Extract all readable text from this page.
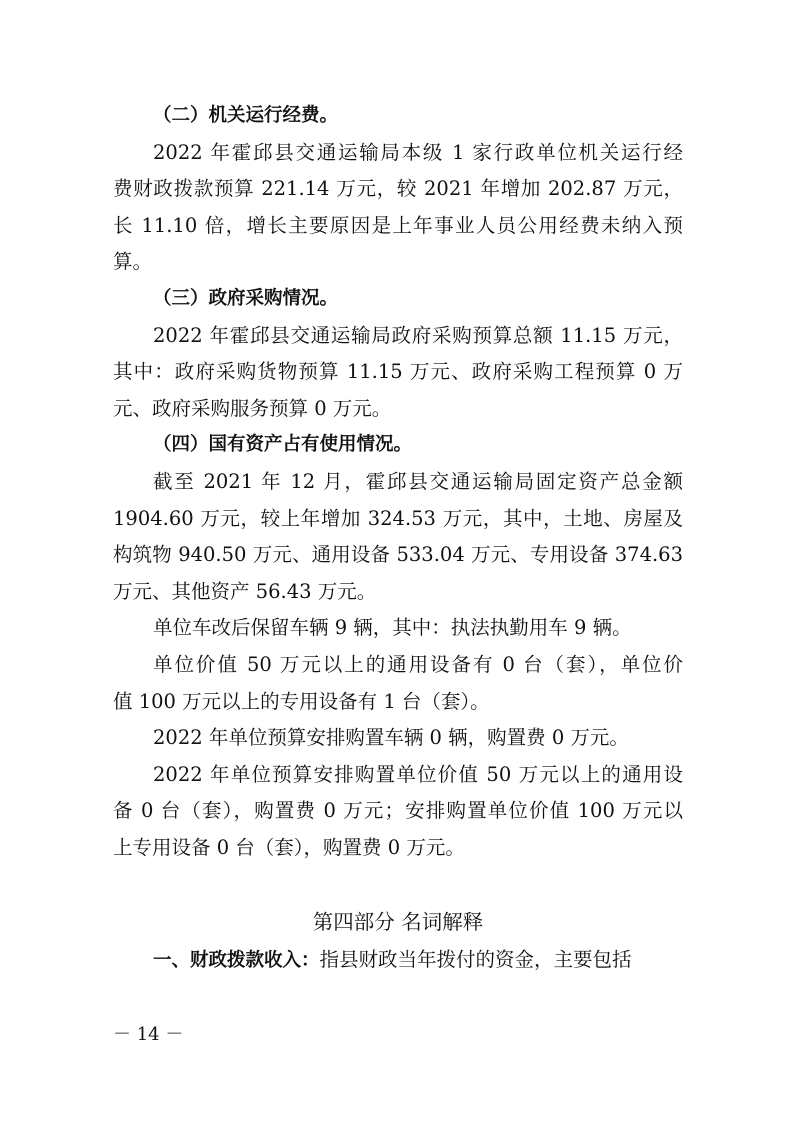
（二）机关运行经费。
2022 年霍邱县交通运输局本级 1 家行政单位机关运行经
费财政拨款预算 221.14 万元，较 2021 年增加 202.87 万元，
长 11.10 倍，增长主要原因是上年事业人员公用经费未纳入预
算。
（三）政府采购情况。
2022 年霍邱县交通运输局政府采购预算总额 11.15 万元，
其中：政府采购货物预算 11.15 万元、政府采购工程预算 0 万
元、政府采购服务预算 0 万元。
（四）国有资产占有使用情况。
截至 2021 年 12 月，霍邱县交通运输局固定资产总金额
1904.60 万元，较上年增加 324.53 万元，其中，土地、房屋及
构筑物 940.50 万元、通用设备 533.04 万元、专用设备 374.63
万元、其他资产 56.43 万元。
单位车改后保留车辆 9 辆，其中：执法执勤用车 9 辆。
单位价值 50 万元以上的通用设备有 0 台（套），单位价
值 100 万元以上的专用设备有 1 台（套）。
2022 年单位预算安排购置车辆 0 辆，购置费 0 万元。
2022 年单位预算安排购置单位价值 50 万元以上的通用设
备 0 台（套），购置费 0 万元；安排购置单位价值 100 万元以
上专用设备 0 台（套），购置费 0 万元。
第四部分 名词解释
一、财政拨款收入：指县财政当年拨付的资金，主要包括
－ 14 －
